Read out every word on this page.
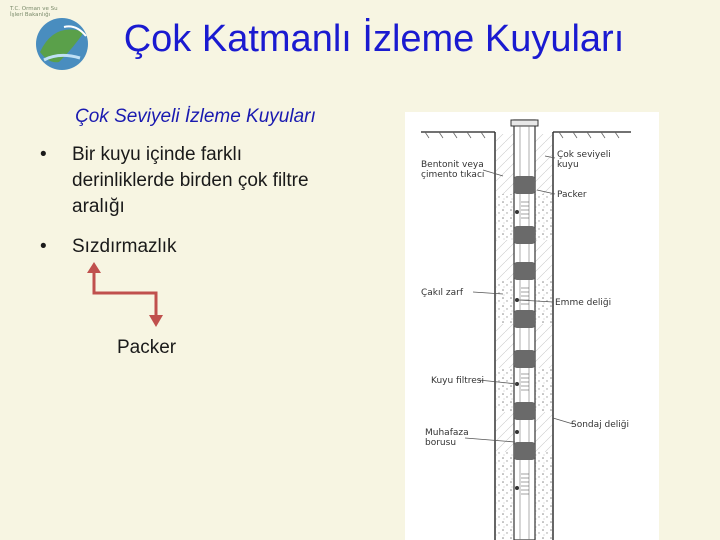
T.C. Orman ve Su İşleri Bakanlığı
Çok Katmanlı İzleme Kuyuları
Çok Seviyeli İzleme Kuyuları
• Bir kuyu içinde farklı
derinliklerde birden çok filtre
aralığı
• Sızdırmazlık
Packer
Bentonit veya
çimento tıkacı
Çok seviyeli
kuyu
Packer
Çakıl zarf
Emme deliği
Kuyu filtresi
Sondaj deliği
Muhafaza
borusu
